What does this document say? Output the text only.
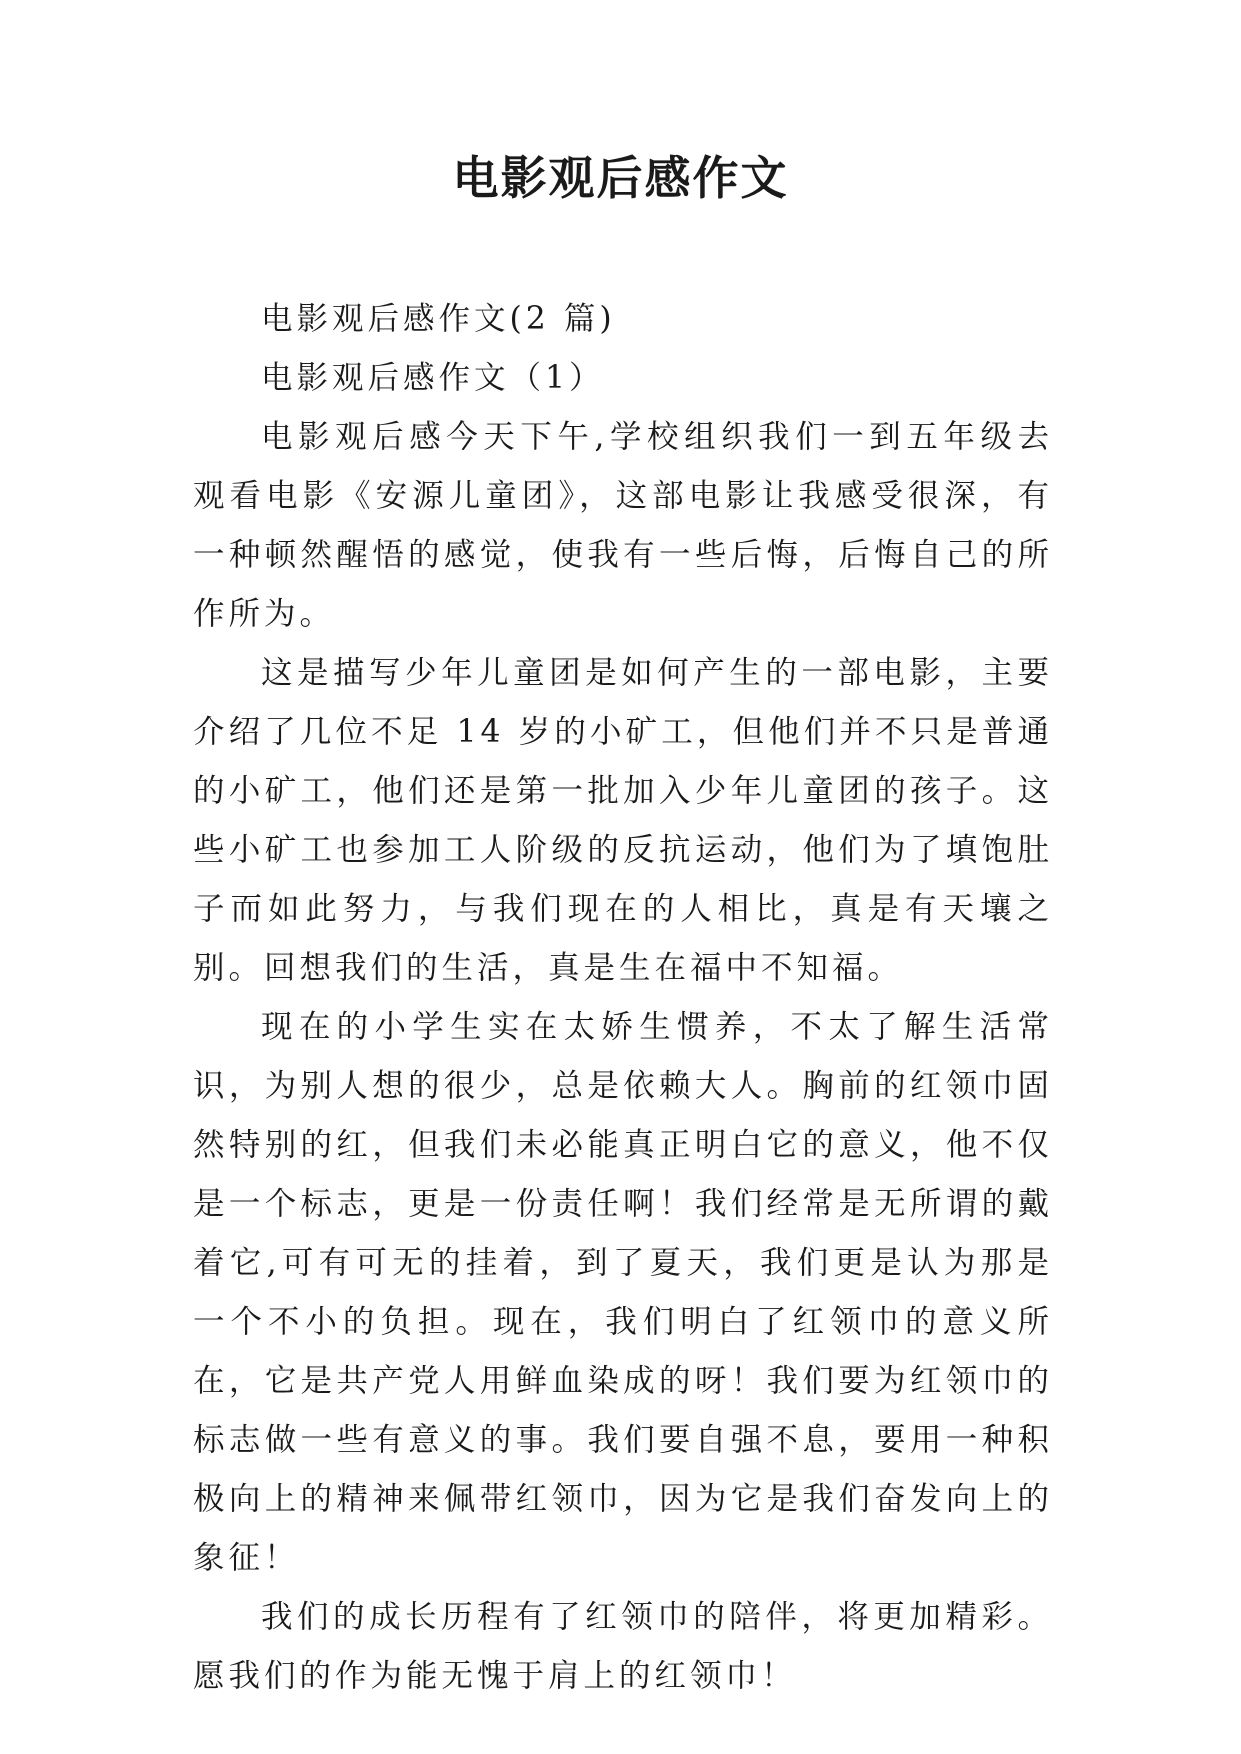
电影观后感作文

电影观后感作文(2 篇)

电影观后感作文（1）

电影观后感今天下午,学校组织我们一到五年级去观看电影《安源儿童团》，这部电影让我感受很深，有一种顿然醒悟的感觉，使我有一些后悔，后悔自己的所作所为。

这是描写少年儿童团是如何产生的一部电影，主要介绍了几位不足 14 岁的小矿工，但他们并不只是普通的小矿工，他们还是第一批加入少年儿童团的孩子。这些小矿工也参加工人阶级的反抗运动，他们为了填饱肚子而如此努力，与我们现在的人相比，真是有天壤之别。回想我们的生活，真是生在福中不知福。

现在的小学生实在太娇生惯养，不太了解生活常识，为别人想的很少，总是依赖大人。胸前的红领巾固然特别的红，但我们未必能真正明白它的意义，他不仅是一个标志，更是一份责任啊！我们经常是无所谓的戴着它,可有可无的挂着，到了夏天，我们更是认为那是一个不小的负担。现在，我们明白了红领巾的意义所在，它是共产党人用鲜血染成的呀！我们要为红领巾的标志做一些有意义的事。我们要自强不息，要用一种积极向上的精神来佩带红领巾，因为它是我们奋发向上的象征！

我们的成长历程有了红领巾的陪伴，将更加精彩。愿我们的作为能无愧于肩上的红领巾！
